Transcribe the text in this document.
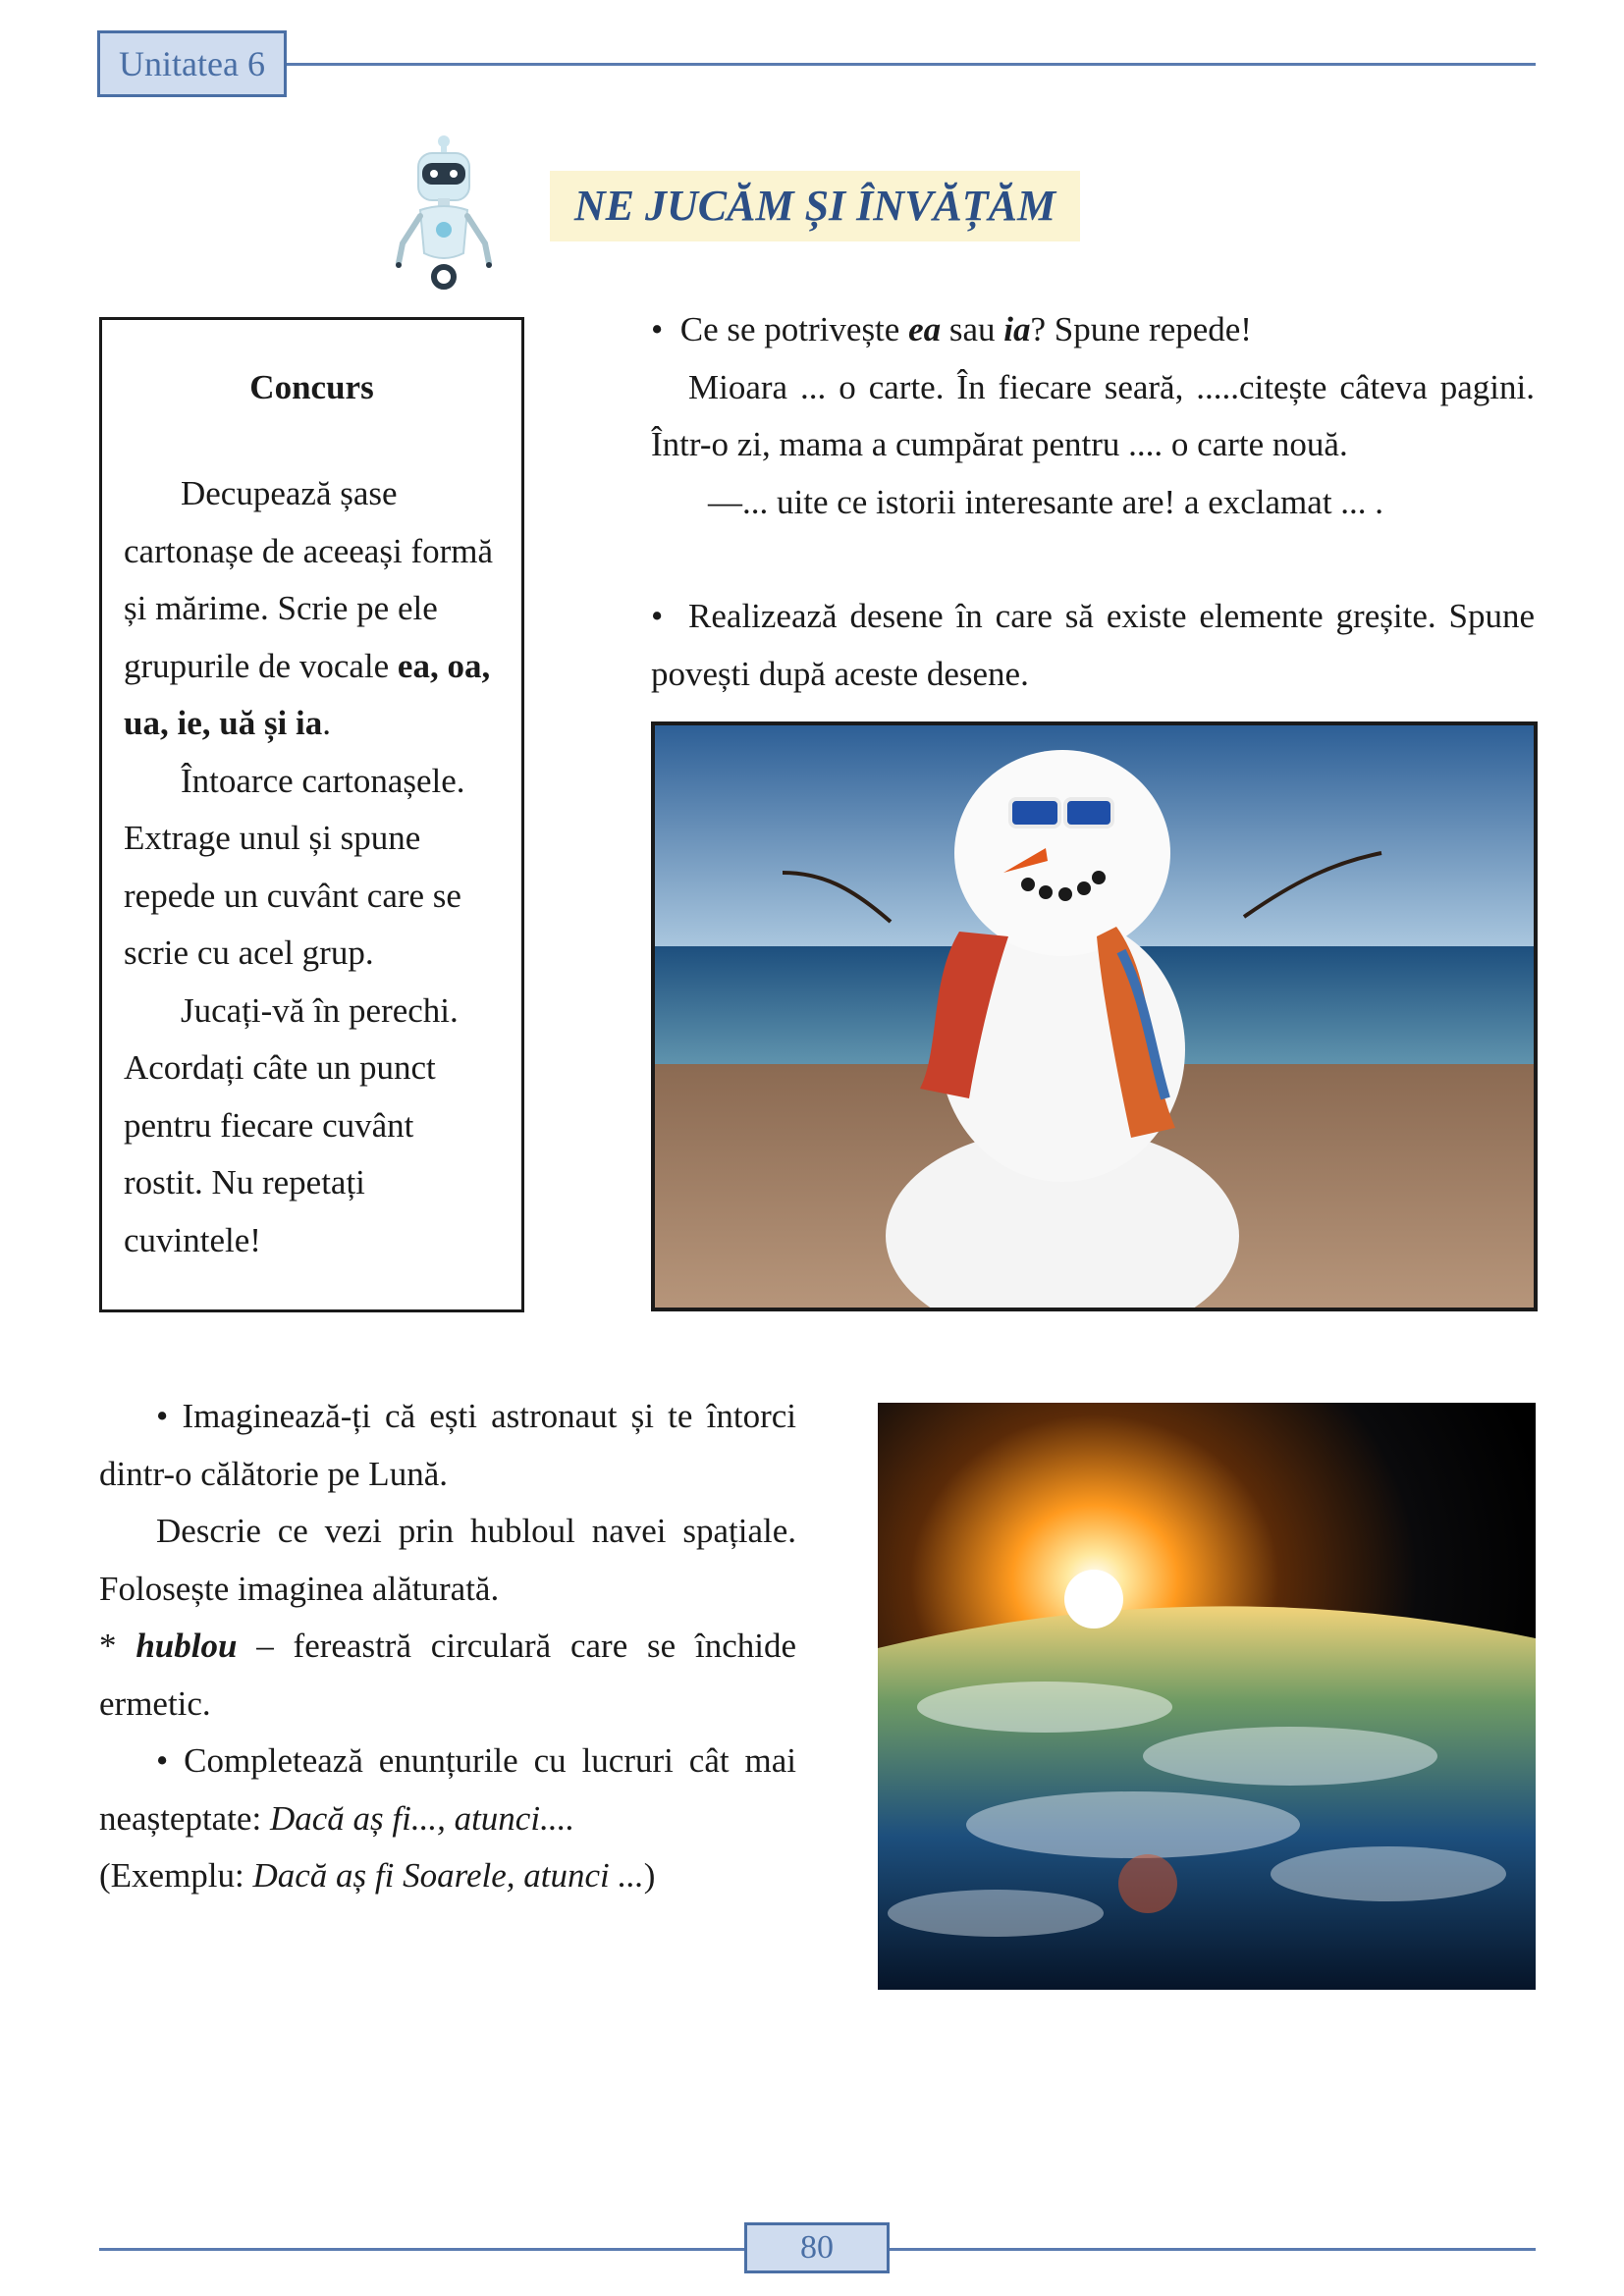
Unitatea 6
NE JUCĂM ȘI ÎNVĂȚĂM
Concurs

Decupează șase cartonașe de aceeași formă și mărime. Scrie pe ele grupurile de vocale ea, oa, ua, ie, uă și ia.

Întoarce cartonașele. Extrage unul și spune repede un cuvânt care se scrie cu acel grup.

Jucați-vă în perechi. Acordați câte un punct pentru fiecare cuvânt rostit. Nu repetați cuvintele!

• Ce se potrivește ea sau ia? Spune repede!

Mioara ... o carte. În fiecare seară, .....citește câteva pagini. Într-o zi, mama a cumpărat pentru .... o carte nouă.

—... uite ce istorii interesante are! a exclamat ... .

• Realizează desene în care să existe elemente greșite. Spune povești după aceste desene.

• Imaginează-ți că ești astronaut și te întorci dintr-o călătorie pe Lună.

Descrie ce vezi prin hubloul navei spațiale. Folosește imaginea alăturată.

* hublou – fereastră circulară care se închide ermetic.

• Completează enunțurile cu lucruri cât mai neașteptate: Dacă aș fi..., atunci....

(Exemplu: Dacă aș fi Soarele, atunci ...)

80
